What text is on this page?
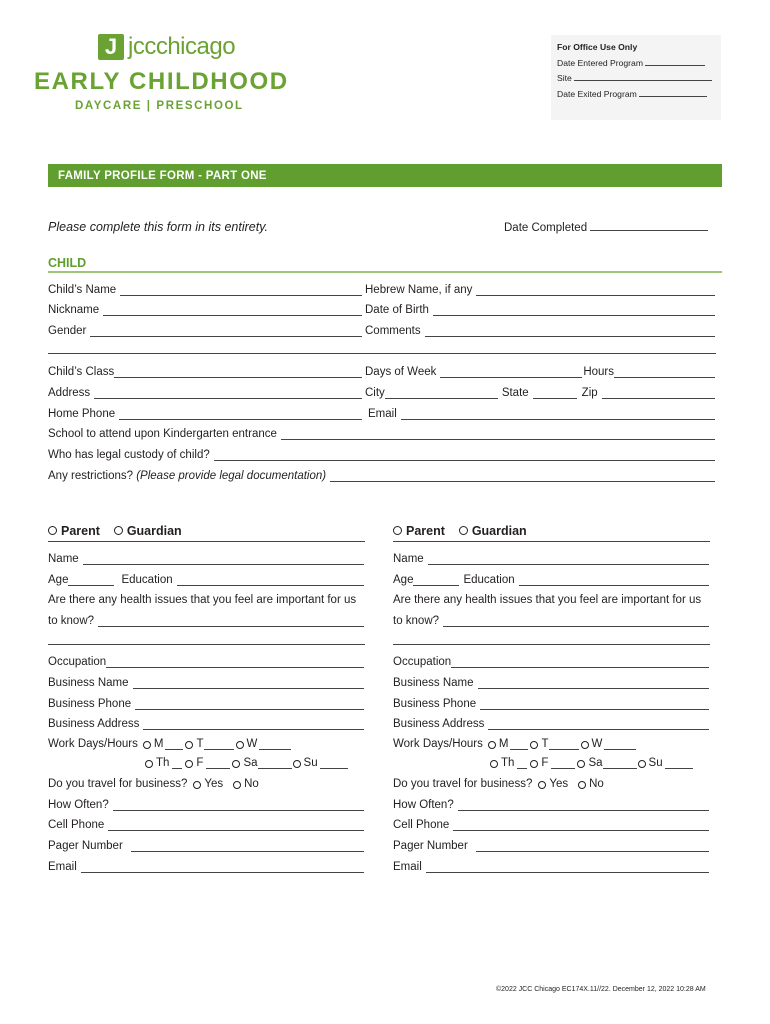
J jccchicago
EARLY CHILDHOOD
DAYCARE | PRESCHOOL
For Office Use Only
Date Entered Program
Site
Date Exited Program
FAMILY PROFILE FORM - PART ONE
Please complete this form in its entirety.	Date Completed
CHILD
Child’s Name	Hebrew Name, if any
Nickname	Date of Birth
Gender	Comments
Child’s Class	Days of Week	Hours
Address	City	State	Zip
Home Phone	Email
School to attend upon Kindergarten entrance
Who has legal custody of child?
Any restrictions?
(Please provide legal documentation)
Parent Guardian
Name
Age	Education
Are there any health issues that you feel are important for us
to know?
Occupation
Business Name
Business Phone
Business Address
Work Days/Hours M	T	W
Th F	Sa	Su
Do you travel for business? Yes No
How Often?
Cell Phone
Pager Number
Email
Parent Guardian
Name
Age	Education
Are there any health issues that you feel are important for us
to know?
Occupation
Business Name
Business Phone
Business Address
Work Days/Hours M	T	W
Th F	Sa	Su
Do you travel for business? Yes No
How Often?
Cell Phone
Pager Number
Email
©2022 JCC Chicago EC174X.11//22. December 12, 2022 10:28 AM
